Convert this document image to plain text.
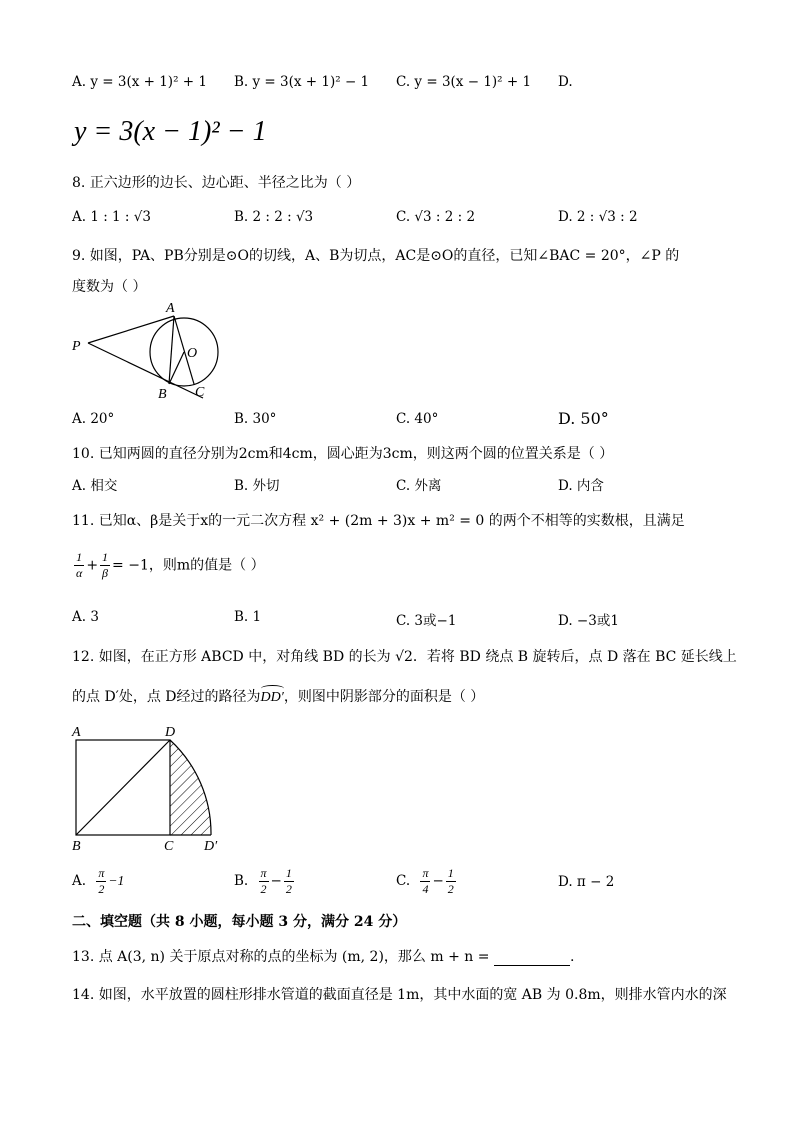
A. y = 3(x + 1)² + 1 B. y = 3(x + 1)² − 1 C. y = 3(x − 1)² + 1 D.
y = 3(x − 1)² − 1
8. 正六边形的边长、边心距、半径之比为（ ）
A. 1 : 1 : √3	B. 2 : 2 : √3	C. √3 : 2 : 2	D. 2 : √3 : 2
9. 如图，PA、PB分别是⊙O的切线，A、B为切点，AC是⊙O的直径，已知∠BAC = 20°，∠P 的
度数为（ ）
P
A
O
B C
A. 20°	B. 30°	C. 40°	D. 50°
10. 已知两圆的直径分别为2cm和4cm，圆心距为3cm，则这两个圆的位置关系是（ ）
A. 相交	B. 外切	C. 外离	D. 内含
11. 已知α、β是关于x的一元二次方程 x² + (2m + 3)x + m² = 0 的两个不相等的实数根，且满足
$\frac{1}{\alpha} + \frac{1}{\beta} = -1$，则m的值是（ ）
A. 3	B. 1	C. 3或−1	D. −3或1
12. 如图，在正方形 ABCD 中，对角线 BD 的长为 √2．若将 BD 绕点 B 旋转后，点 D 落在 BC 延长线上
的点 D′处，点 D经过的路径为
DD′，则图中阴影部分的面积是（ ）
A	D
B	C D′
A. $\frac{\pi}{2} -1$	B. $\frac{\pi}{2} - \frac{1}{2}$	C. $\frac{\pi}{4} - \frac{1}{2}$	D. π − 2
二、填空题（共 8 小题，每小题 3 分，满分 24 分）
13. 点 A(3, n) 关于原点对称的点的坐标为 (m, 2)，那么 m + n =	.
14. 如图，水平放置的圆柱形排水管道的截面直径是 1m，其中水面的宽 AB 为 0.8m，则排水管内水的深
